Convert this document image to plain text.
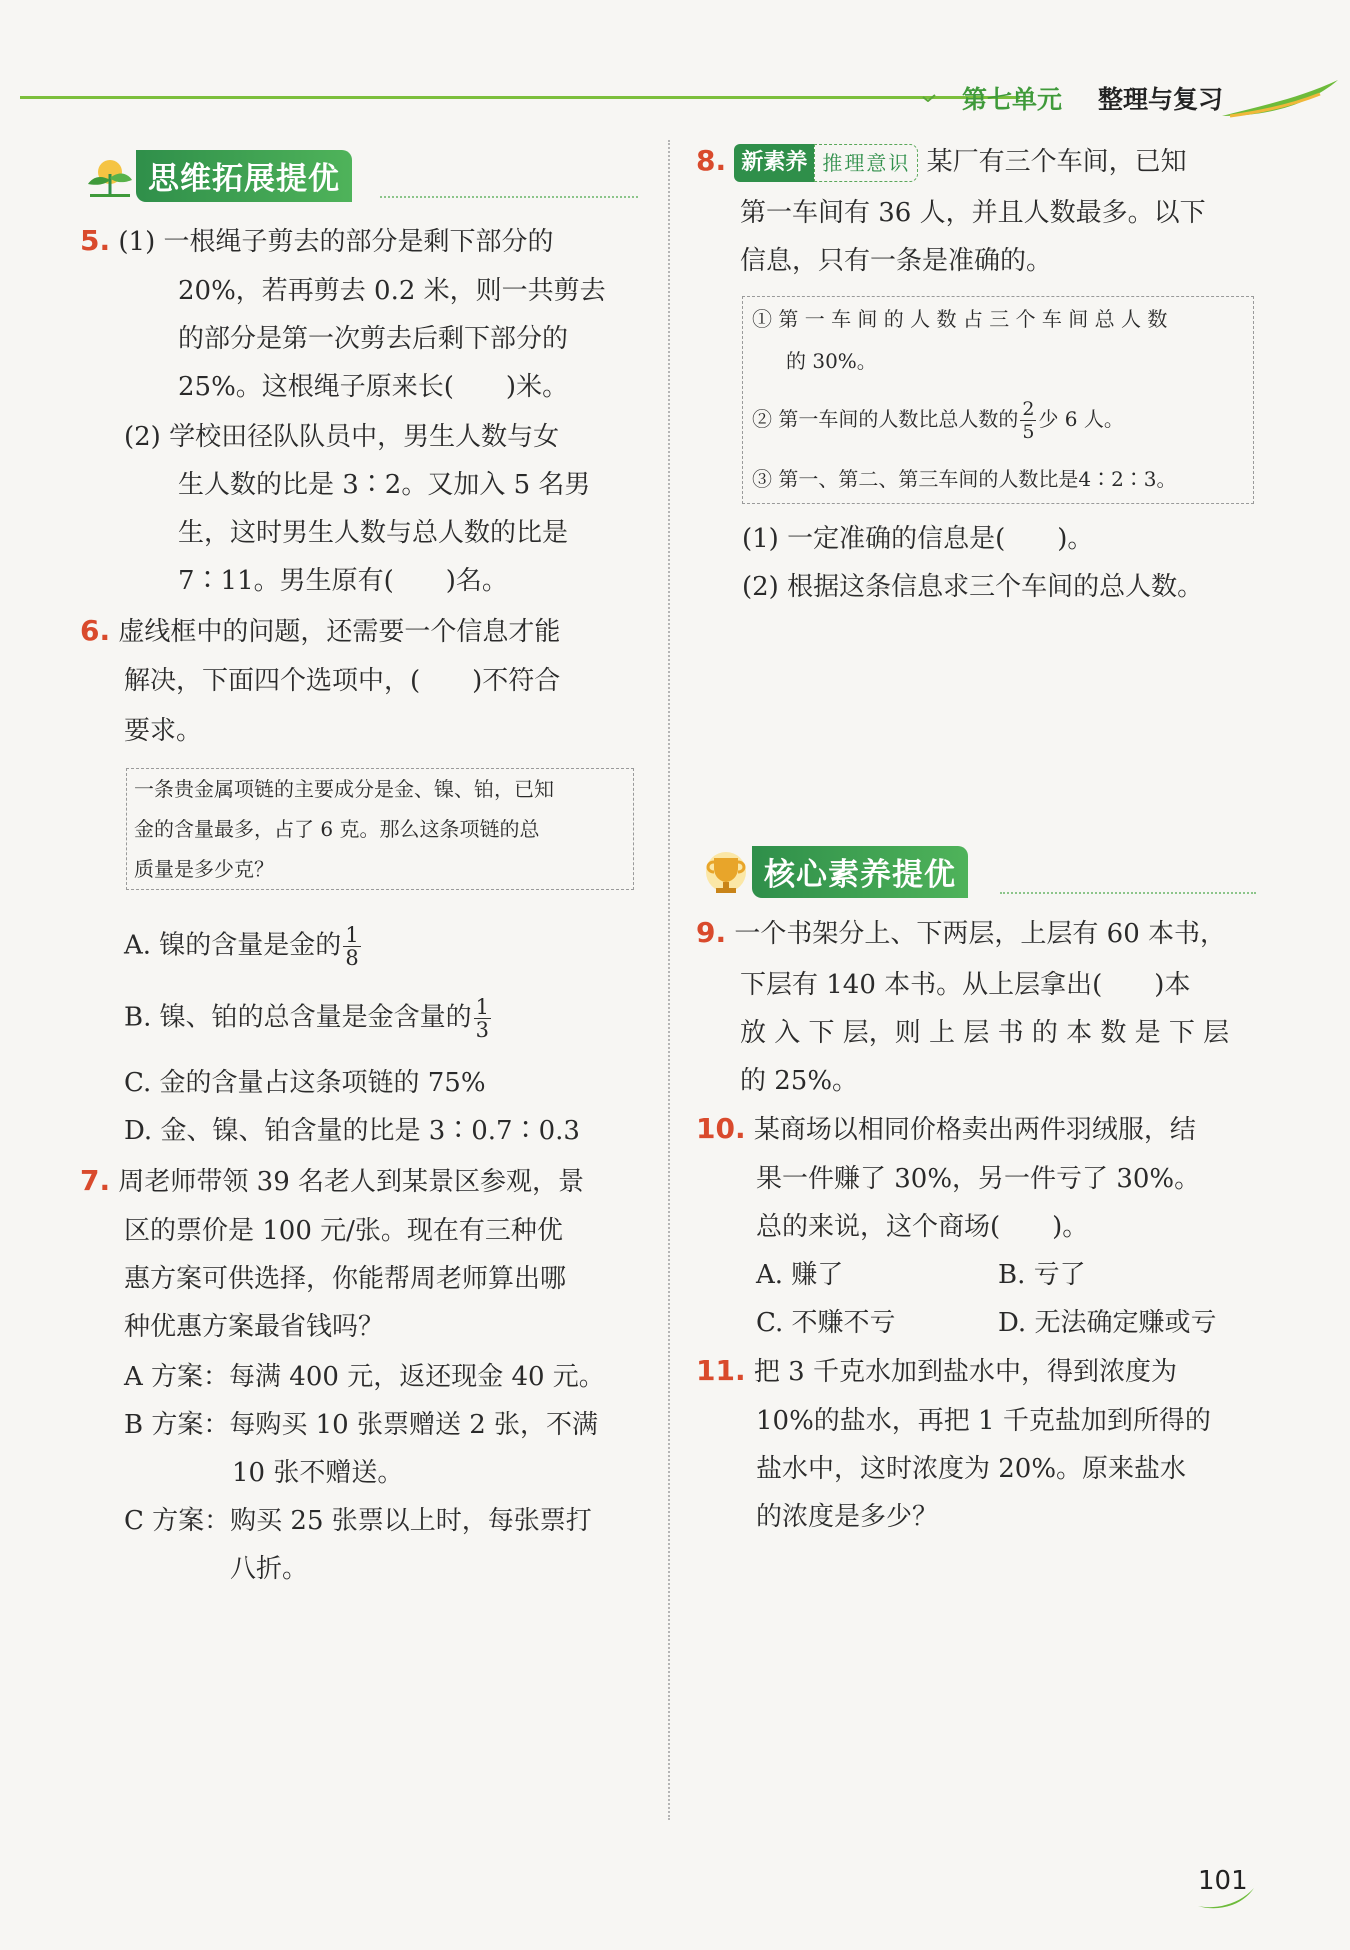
第七单元 整理与复习
思维拓展提优
5. (1) 一根绳子剪去的部分是剩下部分的
20%，若再剪去 0.2 米，则一共剪去
的部分是第一次剪去后剩下部分的
25%。这根绳子原来长(　　)米。
(2) 学校田径队队员中，男生人数与女
生人数的比是 3∶2。又加入 5 名男
生，这时男生人数与总人数的比是
7∶11。男生原有(　　)名。
6. 虚线框中的问题，还需要一个信息才能
解决，下面四个选项中，(　　)不符合
要求。
一条贵金属项链的主要成分是金、镍、铂，已知
金的含量最多，占了 6 克。那么这条项链的总
质量是多少克？
A. 镍的含量是金的 $\frac{1}{8}$
B. 镍、铂的总含量是金含量的 $\frac{1}{3}$
C. 金的含量占这条项链的 75%
D. 金、镍、铂含量的比是 3∶0.7∶0.3
7. 周老师带领 39 名老人到某景区参观，景
区的票价是 100 元/张。现在有三种优
惠方案可供选择，你能帮周老师算出哪
种优惠方案最省钱吗？
A 方案：每满 400 元，返还现金 40 元。
B 方案：每购买 10 张票赠送 2 张，不满
10 张不赠送。
C 方案：购买 25 张票以上时，每张票打
八折。
8. 新素养 推理意识 某厂有三个车间，已知
第一车间有 36 人，并且人数最多。以下
信息，只有一条是准确的。
① 第 一 车 间 的 人 数 占 三 个 车 间 总 人 数
的 30%。
② 第一车间的人数比总人数的 $\frac{2}{5}$ 少 6 人。
③ 第一、第二、第三车间的人数比是4∶2∶3。
(1) 一定准确的信息是(　　)。
(2) 根据这条信息求三个车间的总人数。
核心素养提优
9. 一个书架分上、下两层，上层有 60 本书，
下层有 140 本书。从上层拿出(　　)本
放 入 下 层，则 上 层 书 的 本 数 是 下 层
的 25%。
10. 某商场以相同价格卖出两件羽绒服，结
果一件赚了 30%，另一件亏了 30%。
总的来说，这个商场(　　)。
A. 赚了	B. 亏了
C. 不赚不亏	D. 无法确定赚或亏
11. 把 3 千克水加到盐水中，得到浓度为
10%的盐水，再把 1 千克盐加到所得的
盐水中，这时浓度为 20%。原来盐水
的浓度是多少？
101
